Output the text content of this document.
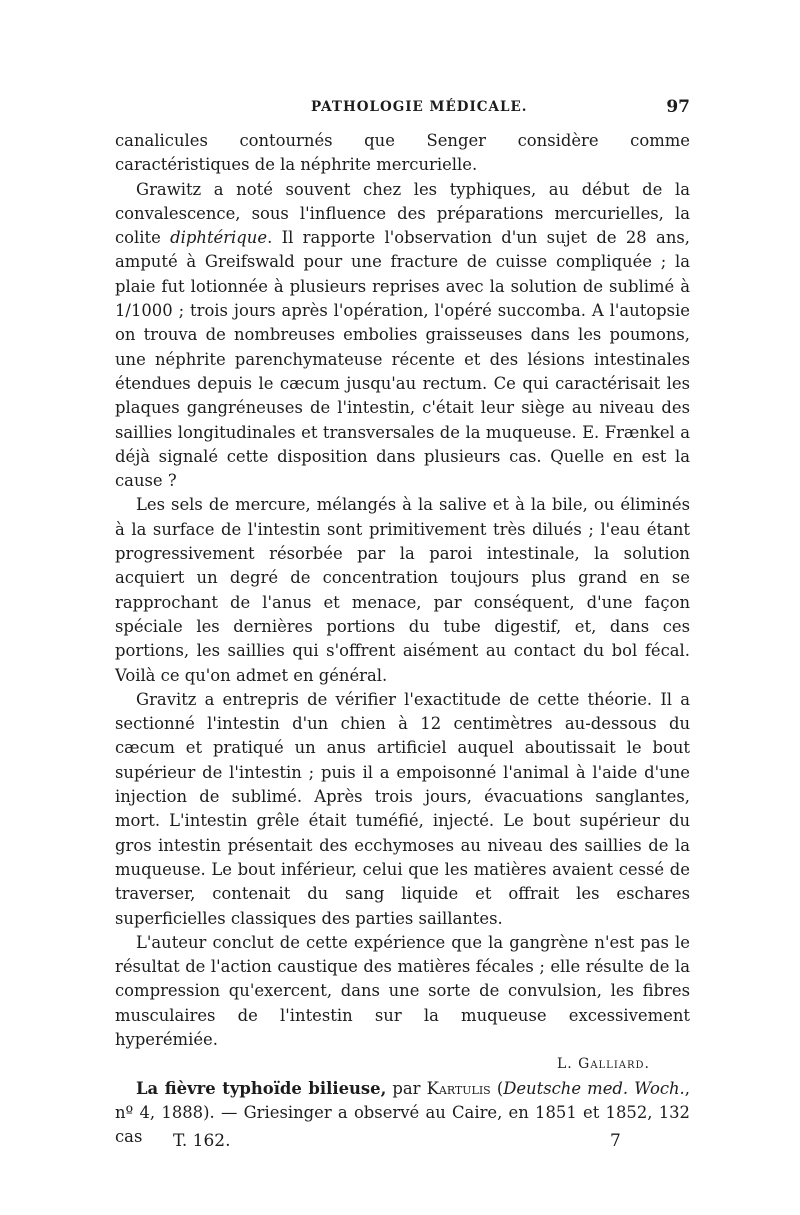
PATHOLOGIE MÉDICALE.	97

canalicules contournés que Senger considère comme caractéristiques de la néphrite mercurielle.

Grawitz a noté souvent chez les typhiques, au début de la convalescence, sous l'influence des préparations mercurielles, la colite diphtérique. Il rapporte l'observation d'un sujet de 28 ans, amputé à Greifswald pour une fracture de cuisse compliquée ; la plaie fut lotionnée à plusieurs reprises avec la solution de sublimé à 1/1000 ; trois jours après l'opération, l'opéré succomba. A l'autopsie on trouva de nombreuses embolies graisseuses dans les poumons, une néphrite parenchymateuse récente et des lésions intestinales étendues depuis le cæcum jusqu'au rectum. Ce qui caractérisait les plaques gangréneuses de l'intestin, c'était leur siège au niveau des saillies longitudinales et transversales de la muqueuse. E. Frænkel a déjà signalé cette disposition dans plusieurs cas. Quelle en est la cause ?

Les sels de mercure, mélangés à la salive et à la bile, ou éliminés à la surface de l'intestin sont primitivement très dilués ; l'eau étant progressivement résorbée par la paroi intestinale, la solution acquiert un degré de concentration toujours plus grand en se rapprochant de l'anus et menace, par conséquent, d'une façon spéciale les dernières portions du tube digestif, et, dans ces portions, les saillies qui s'offrent aisément au contact du bol fécal. Voilà ce qu'on admet en général.

Gravitz a entrepris de vérifier l'exactitude de cette théorie. Il a sectionné l'intestin d'un chien à 12 centimètres au-dessous du cæcum et pratiqué un anus artificiel auquel aboutissait le bout supérieur de l'intestin ; puis il a empoisonné l'animal à l'aide d'une injection de sublimé. Après trois jours, évacuations sanglantes, mort. L'intestin grêle était tuméfié, injecté. Le bout supérieur du gros intestin présentait des ecchymoses au niveau des saillies de la muqueuse. Le bout inférieur, celui que les matières avaient cessé de traverser, contenait du sang liquide et offrait les eschares superficielles classiques des parties saillantes.

L'auteur conclut de cette expérience que la gangrène n'est pas le résultat de l'action caustique des matières fécales ; elle résulte de la compression qu'exercent, dans une sorte de convulsion, les fibres musculaires de l'intestin sur la muqueuse excessivement hyperémiée.

L. Galliard.

La fièvre typhoïde bilieuse, par Kartulis (Deutsche med. Woch., nº 4, 1888). — Griesinger a observé au Caire, en 1851 et 1852, 132 cas	T. 162.	7
